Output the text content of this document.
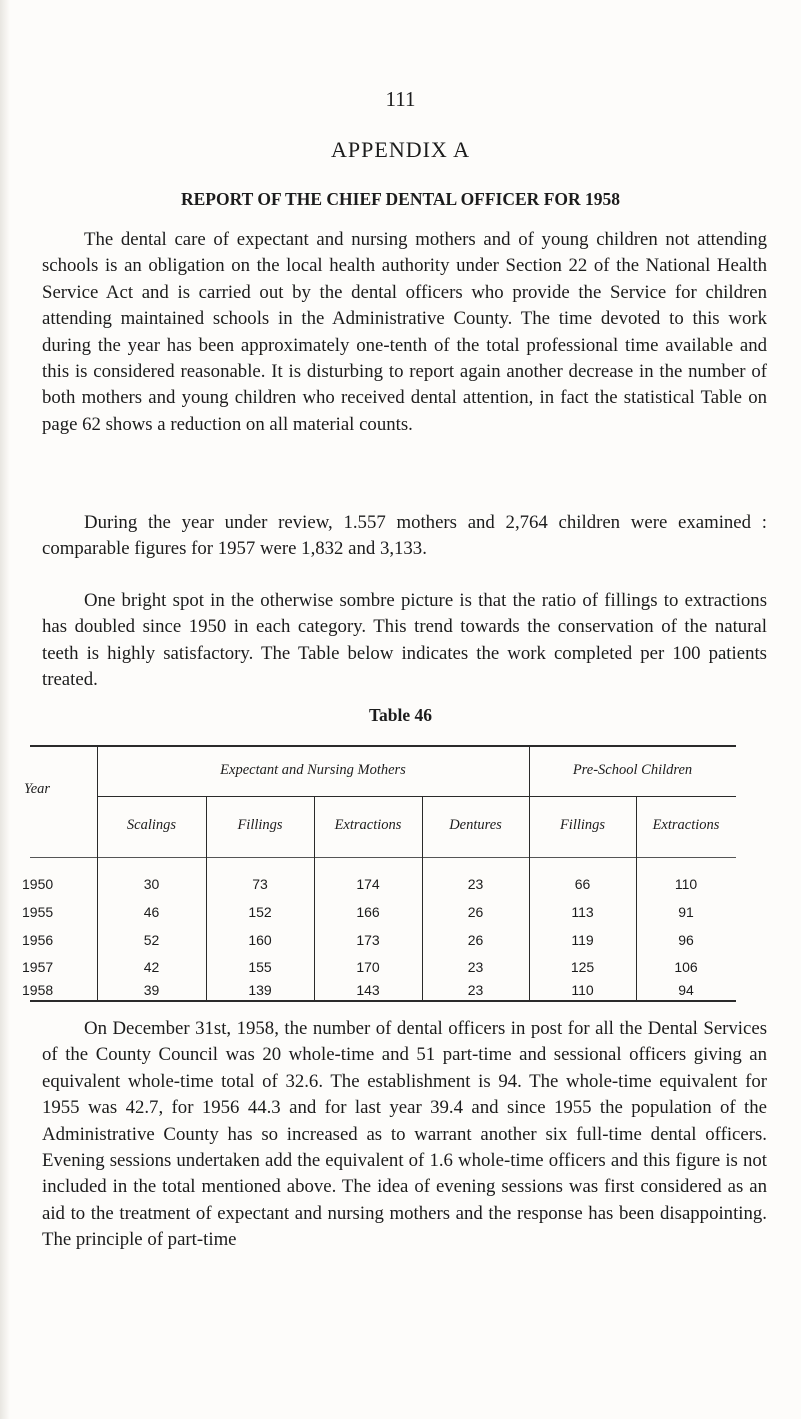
111
APPENDIX A
REPORT OF THE CHIEF DENTAL OFFICER FOR 1958

The dental care of expectant and nursing mothers and of young children not attending schools is an obligation on the local health authority under Section 22 of the National Health Service Act and is carried out by the dental officers who provide the Service for children attending maintained schools in the Administrative County. The time devoted to this work during the year has been approximately one-tenth of the total professional time available and this is considered reasonable. It is disturbing to report again another decrease in the number of both mothers and young children who received dental attention, in fact the statistical Table on page 62 shows a reduction on all material counts.

During the year under review, 1.557 mothers and 2,764 children were examined : comparable figures for 1957 were 1,832 and 3,133.

One bright spot in the otherwise sombre picture is that the ratio of fillings to extractions has doubled since 1950 in each category. This trend towards the conservation of the natural teeth is highly satisfactory. The Table below indicates the work completed per 100 patients treated.

Table 46
Year
Expectant and Nursing Mothers	Pre-School Children
Scalings	Fillings	Extractions	Dentures	Fillings	Extractions
1950	30	73	174	23	66	110
1955	46	152	166	26	113	91
1956	52	160	173	26	119	96
1957	42	155	170	23	125	106
1958	39	139	143	23	110	94

On December 31st, 1958, the number of dental officers in post for all the Dental Services of the County Council was 20 whole-time and 51 part-time and sessional officers giving an equivalent whole-time total of 32.6. The establishment is 94. The whole-time equivalent for 1955 was 42.7, for 1956 44.3 and for last year 39.4 and since 1955 the population of the Administrative County has so increased as to warrant another six full-time dental officers. Evening sessions undertaken add the equivalent of 1.6 whole-time officers and this figure is not included in the total mentioned above. The idea of evening sessions was first considered as an aid to the treatment of expectant and nursing mothers and the response has been disappointing. The principle of part-time
